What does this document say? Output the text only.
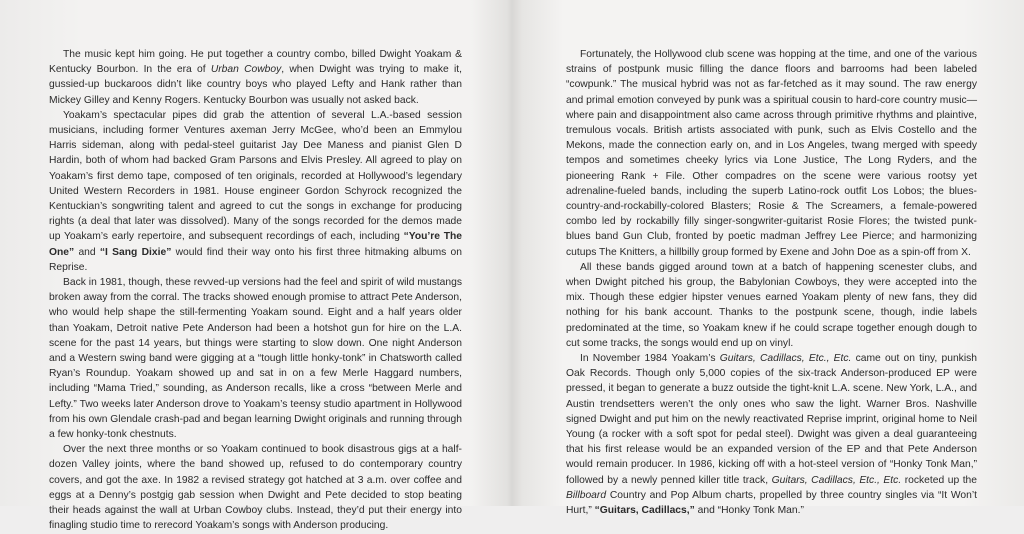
The music kept him going. He put together a country combo, billed Dwight Yoakam & Kentucky Bourbon. In the era of Urban Cowboy, when Dwight was trying to make it, gussied-up buckaroos didn’t like country boys who played Lefty and Hank rather than Mickey Gilley and Kenny Rogers. Kentucky Bourbon was usually not asked back.

Yoakam’s spectacular pipes did grab the attention of several L.A.-based session musicians, including former Ventures axeman Jerry McGee, who’d been an Emmylou Harris sideman, along with pedal-steel guitarist Jay Dee Maness and pianist Glen D Hardin, both of whom had backed Gram Parsons and Elvis Presley. All agreed to play on Yoakam’s first demo tape, composed of ten originals, recorded at Hollywood’s legendary United Western Recorders in 1981. House engineer Gordon Schyrock recognized the Kentuckian’s songwriting talent and agreed to cut the songs in exchange for producing rights (a deal that later was dissolved). Many of the songs recorded for the demos made up Yoakam’s early repertoire, and subsequent recordings of each, including “You’re The One” and “I Sang Dixie” would find their way onto his first three hitmaking albums on Reprise.

Back in 1981, though, these revved-up versions had the feel and spirit of wild mustangs broken away from the corral. The tracks showed enough promise to attract Pete Anderson, who would help shape the still-fermenting Yoakam sound. Eight and a half years older than Yoakam, Detroit native Pete Anderson had been a hotshot gun for hire on the L.A. scene for the past 14 years, but things were starting to slow down. One night Anderson and a Western swing band were gigging at a “tough little honky-tonk” in Chatsworth called Ryan’s Roundup. Yoakam showed up and sat in on a few Merle Haggard numbers, including “Mama Tried,” sounding, as Anderson recalls, like a cross “between Merle and Lefty.” Two weeks later Anderson drove to Yoakam’s teensy studio apartment in Hollywood from his own Glendale crash-pad and began learning Dwight originals and running through a few honky-tonk chestnuts.

Over the next three months or so Yoakam continued to book disastrous gigs at a half-dozen Valley joints, where the band showed up, refused to do contemporary country covers, and got the axe. In 1982 a revised strategy got hatched at 3 a.m. over coffee and eggs at a Denny’s postgig gab session when Dwight and Pete decided to stop beating their heads against the wall at Urban Cowboy clubs. Instead, they’d put their energy into finagling studio time to rerecord Yoakam’s songs with Anderson producing.

Fortunately, the Hollywood club scene was hopping at the time, and one of the various strains of postpunk music filling the dance floors and barrooms had been labeled “cowpunk.” The musical hybrid was not as far-fetched as it may sound. The raw energy and primal emotion conveyed by punk was a spiritual cousin to hard-core country music—where pain and disappointment also came across through primitive rhythms and plaintive, tremulous vocals. British artists associated with punk, such as Elvis Costello and the Mekons, made the connection early on, and in Los Angeles, twang merged with speedy tempos and sometimes cheeky lyrics via Lone Justice, The Long Ryders, and the pioneering Rank + File. Other compadres on the scene were various rootsy yet adrenaline-fueled bands, including the superb Latino-rock outfit Los Lobos; the blues-country-and-rockabilly-colored Blasters; Rosie & The Screamers, a female-powered combo led by rockabilly filly singer-songwriter-guitarist Rosie Flores; the twisted punk-blues band Gun Club, fronted by poetic madman Jeffrey Lee Pierce; and harmonizing cutups The Knitters, a hillbilly group formed by Exene and John Doe as a spin-off from X.

All these bands gigged around town at a batch of happening scenester clubs, and when Dwight pitched his group, the Babylonian Cowboys, they were accepted into the mix. Though these edgier hipster venues earned Yoakam plenty of new fans, they did nothing for his bank account. Thanks to the postpunk scene, though, indie labels predominated at the time, so Yoakam knew if he could scrape together enough dough to cut some tracks, the songs would end up on vinyl.

In November 1984 Yoakam’s Guitars, Cadillacs, Etc., Etc. came out on tiny, punkish Oak Records. Though only 5,000 copies of the six-track Anderson-produced EP were pressed, it began to generate a buzz outside the tight-knit L.A. scene. New York, L.A., and Austin trendsetters weren’t the only ones who saw the light. Warner Bros. Nashville signed Dwight and put him on the newly reactivated Reprise imprint, original home to Neil Young (a rocker with a soft spot for pedal steel). Dwight was given a deal guaranteeing that his first release would be an expanded version of the EP and that Pete Anderson would remain producer. In 1986, kicking off with a hot-steel version of “Honky Tonk Man,” followed by a newly penned killer title track, Guitars, Cadillacs, Etc., Etc. rocketed up the Billboard Country and Pop Album charts, propelled by three country singles via “It Won’t Hurt,” “Guitars, Cadillacs,” and “Honky Tonk Man.”
